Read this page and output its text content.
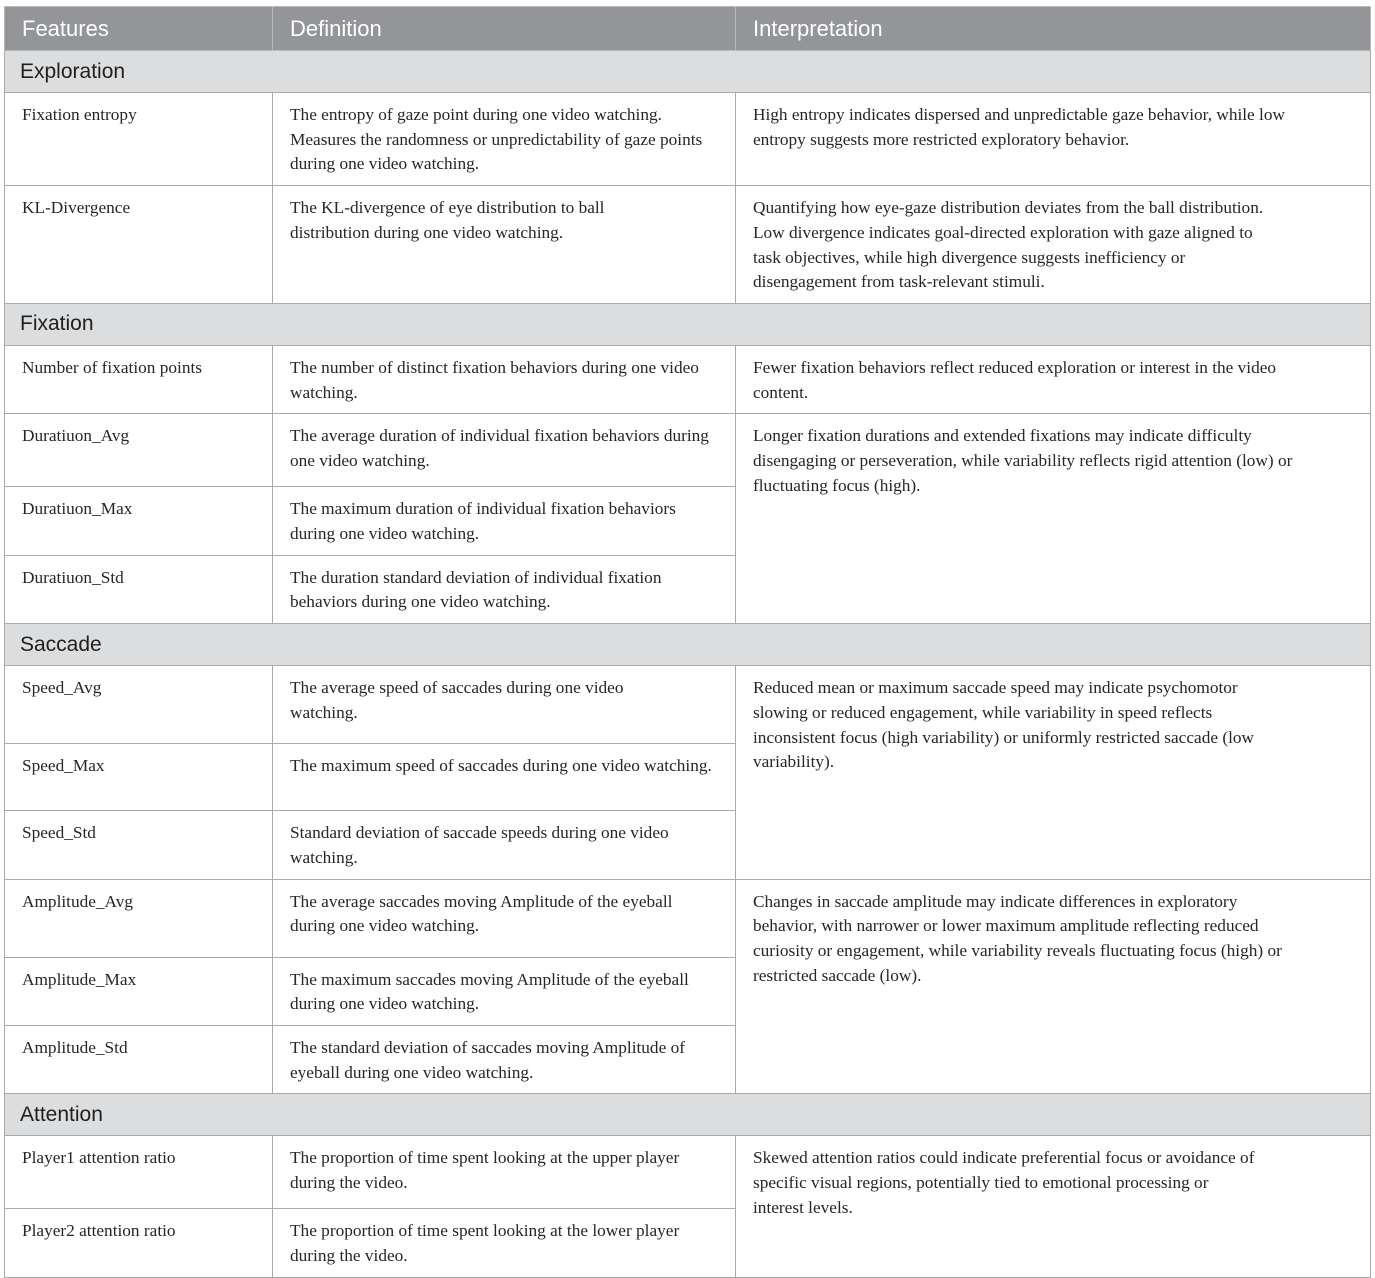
Features	Definition	Interpretation
Exploration		
Fixation entropy	The entropy of gaze point during one video watching. Measures the randomness or unpredictability of gaze points during one video watching.	High entropy indicates dispersed and unpredictable gaze behavior, while low entropy suggests more restricted exploratory behavior.
KL-Divergence	The KL-divergence of eye distribution to ball distribution during one video watching.	Quantifying how eye-gaze distribution deviates from the ball distribution. Low divergence indicates goal-directed exploration with gaze aligned to task objectives, while high divergence suggests inefficiency or disengagement from task-relevant stimuli.
Fixation		
Number of fixation points	The number of distinct fixation behaviors during one video watching.	Fewer fixation behaviors reflect reduced exploration or interest in the video content.
Duratiuon_Avg	The average duration of individual fixation behaviors during one video watching.	Longer fixation durations and extended fixations may indicate difficulty disengaging or perseveration, while variability reflects rigid attention (low) or fluctuating focus (high).
Duratiuon_Max	The maximum duration of individual fixation behaviors during one video watching.	
Duratiuon_Std	The duration standard deviation of individual fixation behaviors during one video watching.	
Saccade		
Speed_Avg	The average speed of saccades during one video watching.	Reduced mean or maximum saccade speed may indicate psychomotor slowing or reduced engagement, while variability in speed reflects inconsistent focus (high variability) or uniformly restricted saccade (low variability).
Speed_Max	The maximum speed of saccades during one video watching.	
Speed_Std	Standard deviation of saccade speeds during one video watching.	
Amplitude_Avg	The average saccades moving Amplitude of the eyeball during one video watching.	Changes in saccade amplitude may indicate differences in exploratory behavior, with narrower or lower maximum amplitude reflecting reduced curiosity or engagement, while variability reveals fluctuating focus (high) or restricted saccade (low).
Amplitude_Max	The maximum saccades moving Amplitude of the eyeball during one video watching.	
Amplitude_Std	The standard deviation of saccades moving Amplitude of eyeball during one video watching.	
Attention		
Player1 attention ratio	The proportion of time spent looking at the upper player during the video.	Skewed attention ratios could indicate preferential focus or avoidance of specific visual regions, potentially tied to emotional processing or interest levels.
Player2 attention ratio	The proportion of time spent looking at the lower player during the video.	
